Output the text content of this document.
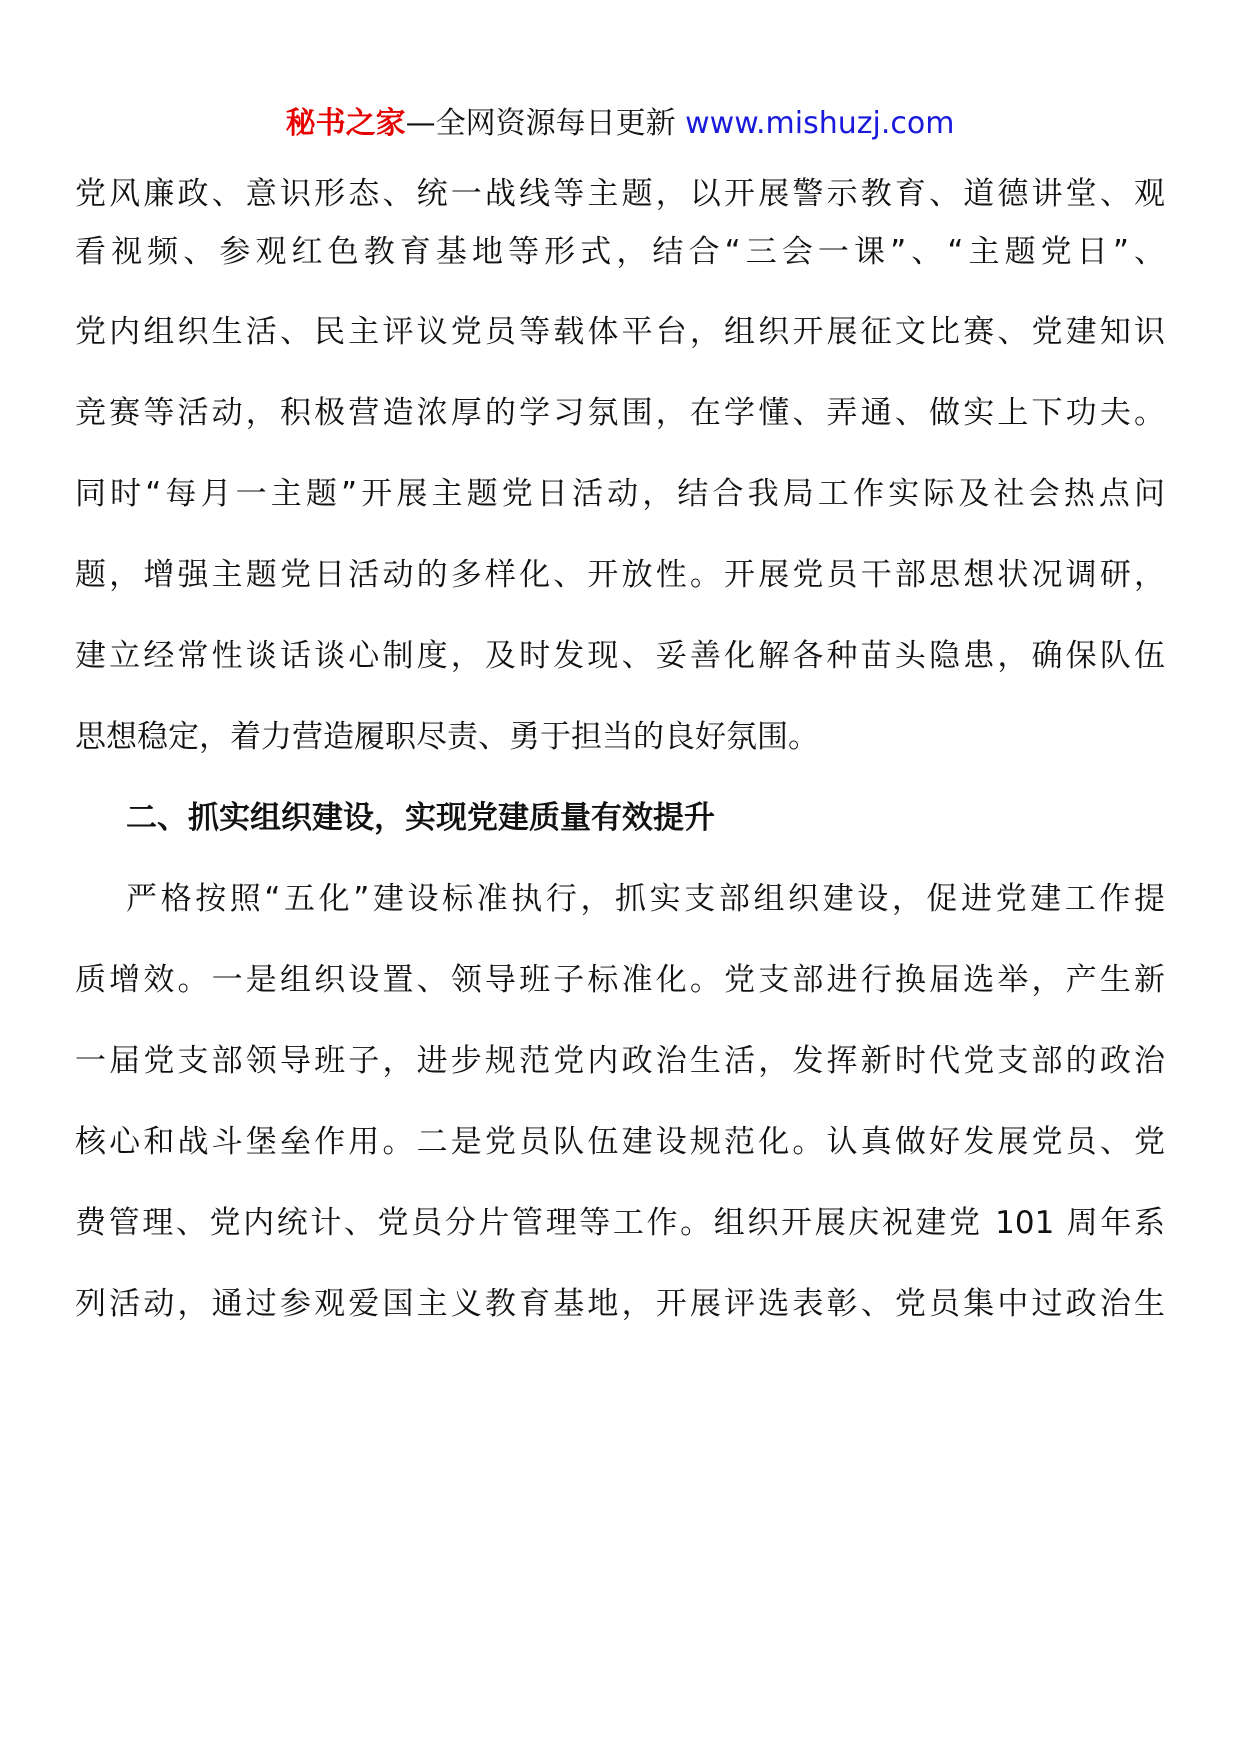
秘书之家—全网资源每日更新 www.mishuzj.com
党风廉政、意识形态、统一战线等主题，以开展警示教育、道德讲堂、观
看视频、参观红色教育基地等形式，结合“三会一课”、“主题党日”、
党内组织生活、民主评议党员等载体平台，组织开展征文比赛、党建知识
竞赛等活动，积极营造浓厚的学习氛围，在学懂、弄通、做实上下功夫。
同时“每月一主题”开展主题党日活动，结合我局工作实际及社会热点问
题，增强主题党日活动的多样化、开放性。开展党员干部思想状况调研，
建立经常性谈话谈心制度，及时发现、妥善化解各种苗头隐患，确保队伍
思想稳定，着力营造履职尽责、勇于担当的良好氛围。
二、抓实组织建设，实现党建质量有效提升
严格按照“五化”建设标准执行，抓实支部组织建设，促进党建工作提
质增效。一是组织设置、领导班子标准化。党支部进行换届选举，产生新
一届党支部领导班子，进步规范党内政治生活，发挥新时代党支部的政治
核心和战斗堡垒作用。二是党员队伍建设规范化。认真做好发展党员、党
费管理、党内统计、党员分片管理等工作。组织开展庆祝建党 101 周年系
列活动，通过参观爱国主义教育基地，开展评选表彰、党员集中过政治生
